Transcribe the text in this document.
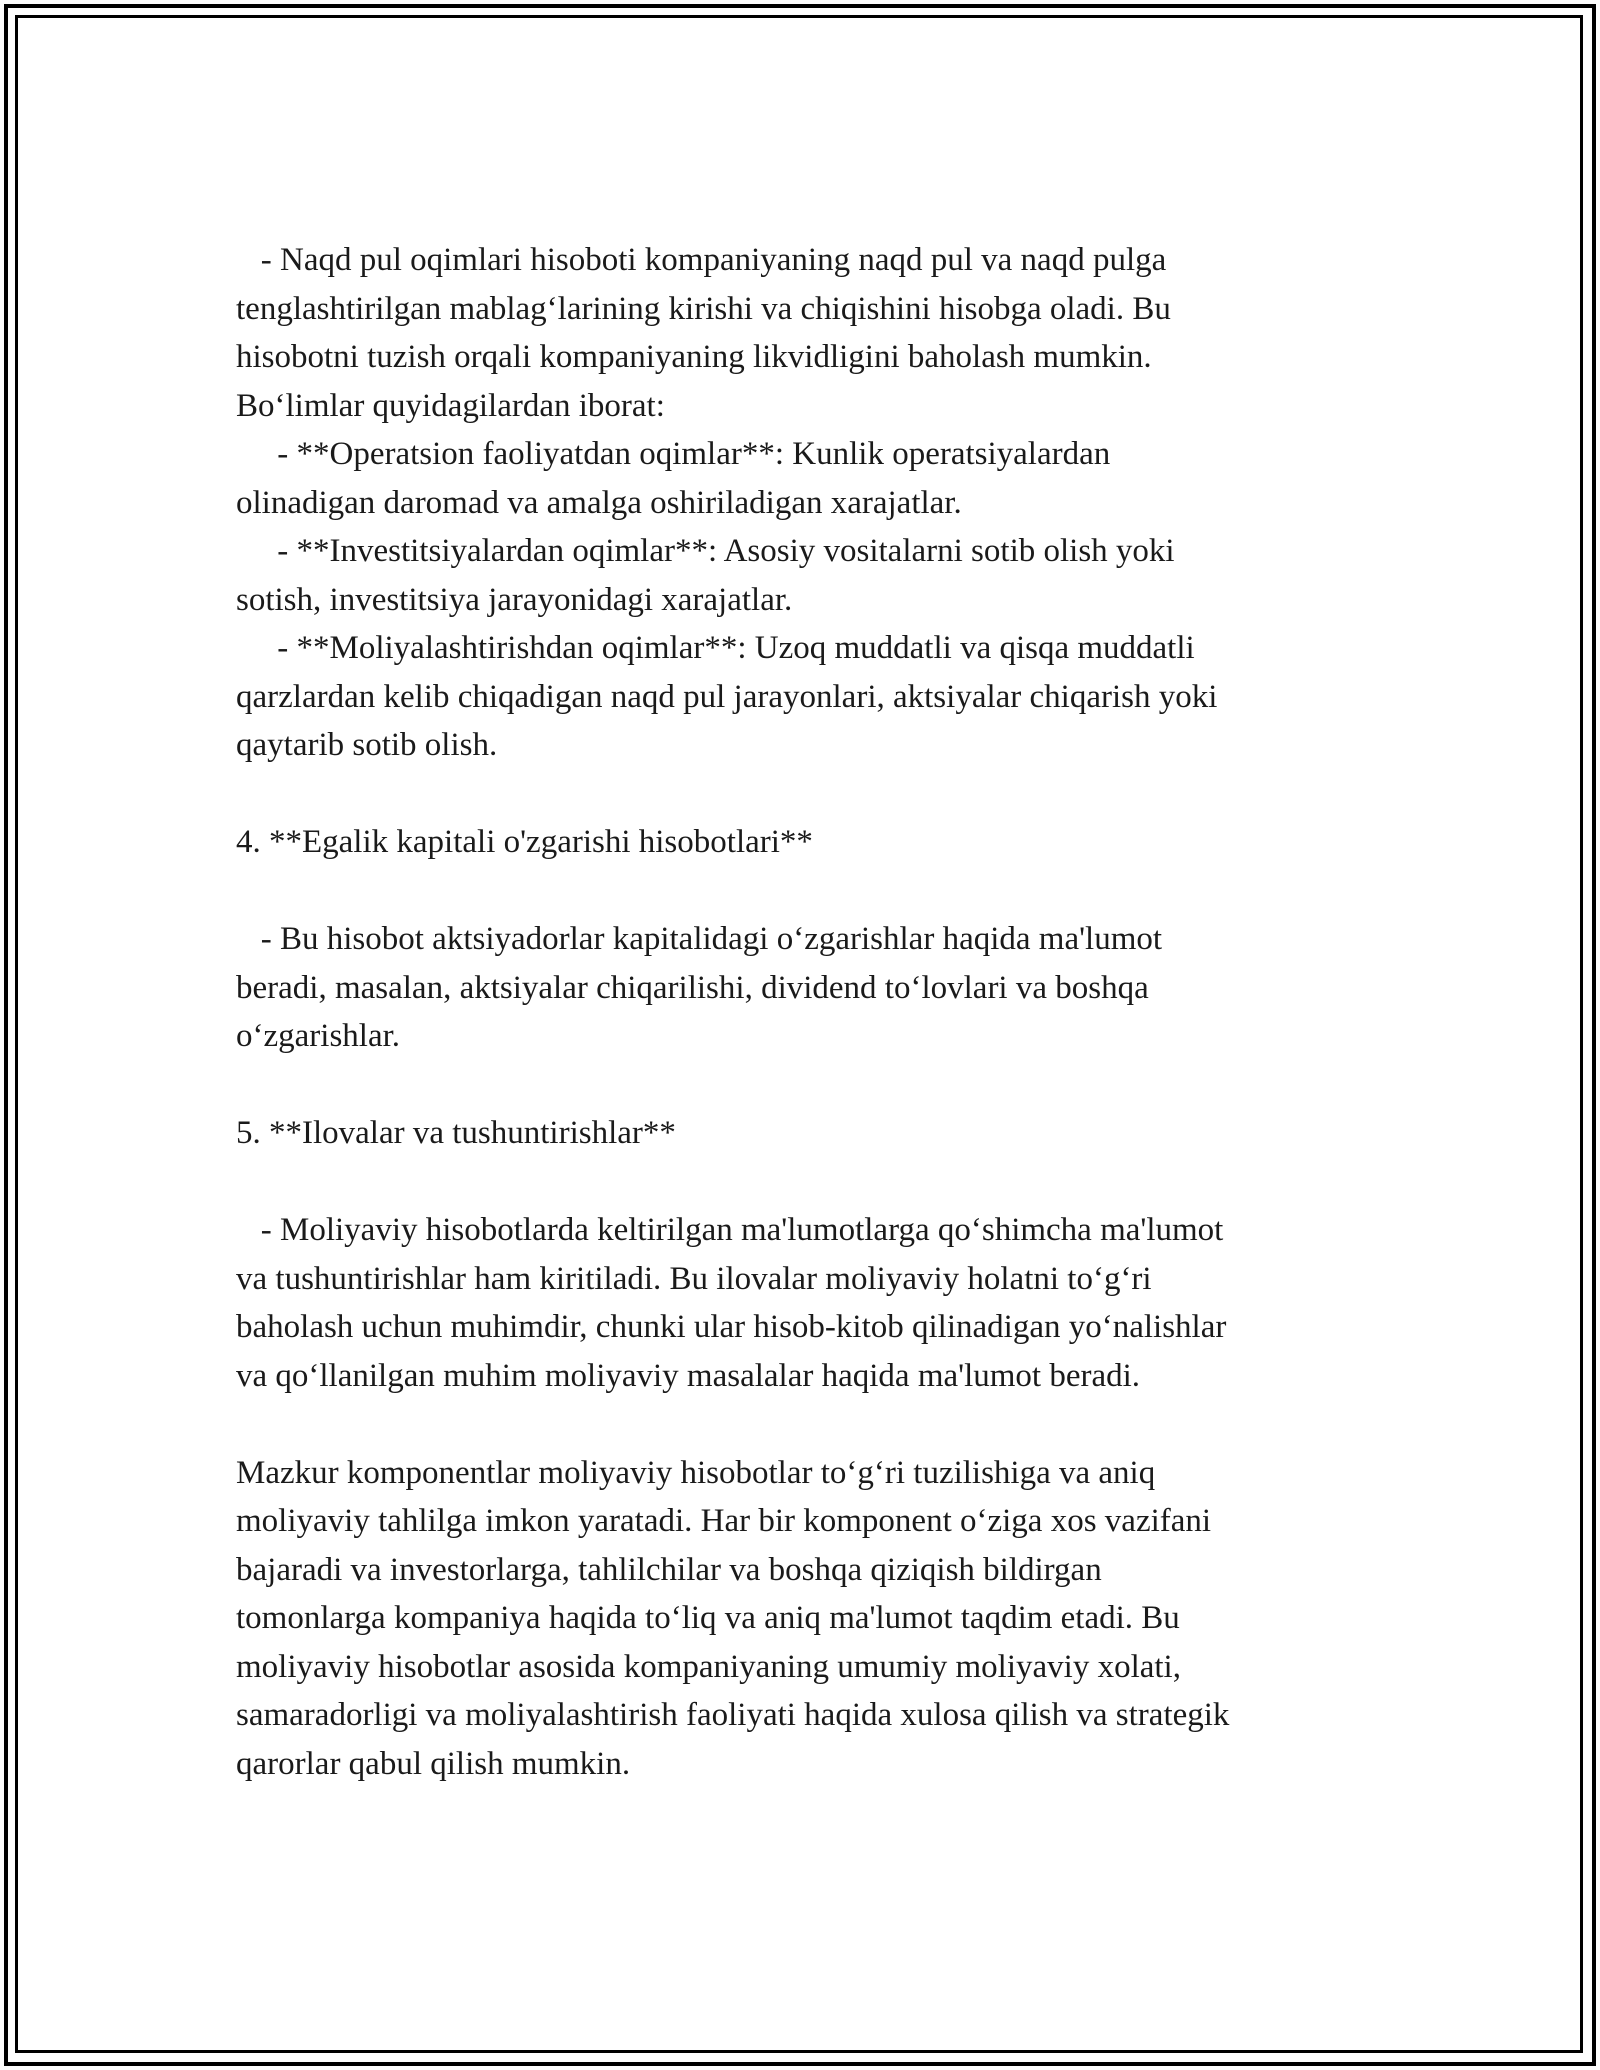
- Naqd pul oqimlari hisoboti kompaniyaning naqd pul va naqd pulga

tenglashtirilgan mablag‘larining kirishi va chiqishini hisobga oladi. Bu

hisobotni tuzish orqali kompaniyaning likvidligini baholash mumkin.

Bo‘limlar quyidagilardan iborat:

- **Operatsion faoliyatdan oqimlar**: Kunlik operatsiyalardan

olinadigan daromad va amalga oshiriladigan xarajatlar.

- **Investitsiyalardan oqimlar**: Asosiy vositalarni sotib olish yoki

sotish, investitsiya jarayonidagi xarajatlar.

- **Moliyalashtirishdan oqimlar**: Uzoq muddatli va qisqa muddatli

qarzlardan kelib chiqadigan naqd pul jarayonlari, aktsiyalar chiqarish yoki

qaytarib sotib olish.

4. **Egalik kapitali o'zgarishi hisobotlari**

- Bu hisobot aktsiyadorlar kapitalidagi o‘zgarishlar haqida ma'lumot

beradi, masalan, aktsiyalar chiqarilishi, dividend to‘lovlari va boshqa

o‘zgarishlar.

5. **Ilovalar va tushuntirishlar**

- Moliyaviy hisobotlarda keltirilgan ma'lumotlarga qo‘shimcha ma'lumot

va tushuntirishlar ham kiritiladi. Bu ilovalar moliyaviy holatni to‘g‘ri

baholash uchun muhimdir, chunki ular hisob-kitob qilinadigan yo‘nalishlar

va qo‘llanilgan muhim moliyaviy masalalar haqida ma'lumot beradi.

Mazkur komponentlar moliyaviy hisobotlar to‘g‘ri tuzilishiga va aniq

moliyaviy tahlilga imkon yaratadi. Har bir komponent o‘ziga xos vazifani

bajaradi va investorlarga, tahlilchilar va boshqa qiziqish bildirgan

tomonlarga kompaniya haqida to‘liq va aniq ma'lumot taqdim etadi. Bu

moliyaviy hisobotlar asosida kompaniyaning umumiy moliyaviy xolati,

samaradorligi va moliyalashtirish faoliyati haqida xulosa qilish va strategik

qarorlar qabul qilish mumkin.
